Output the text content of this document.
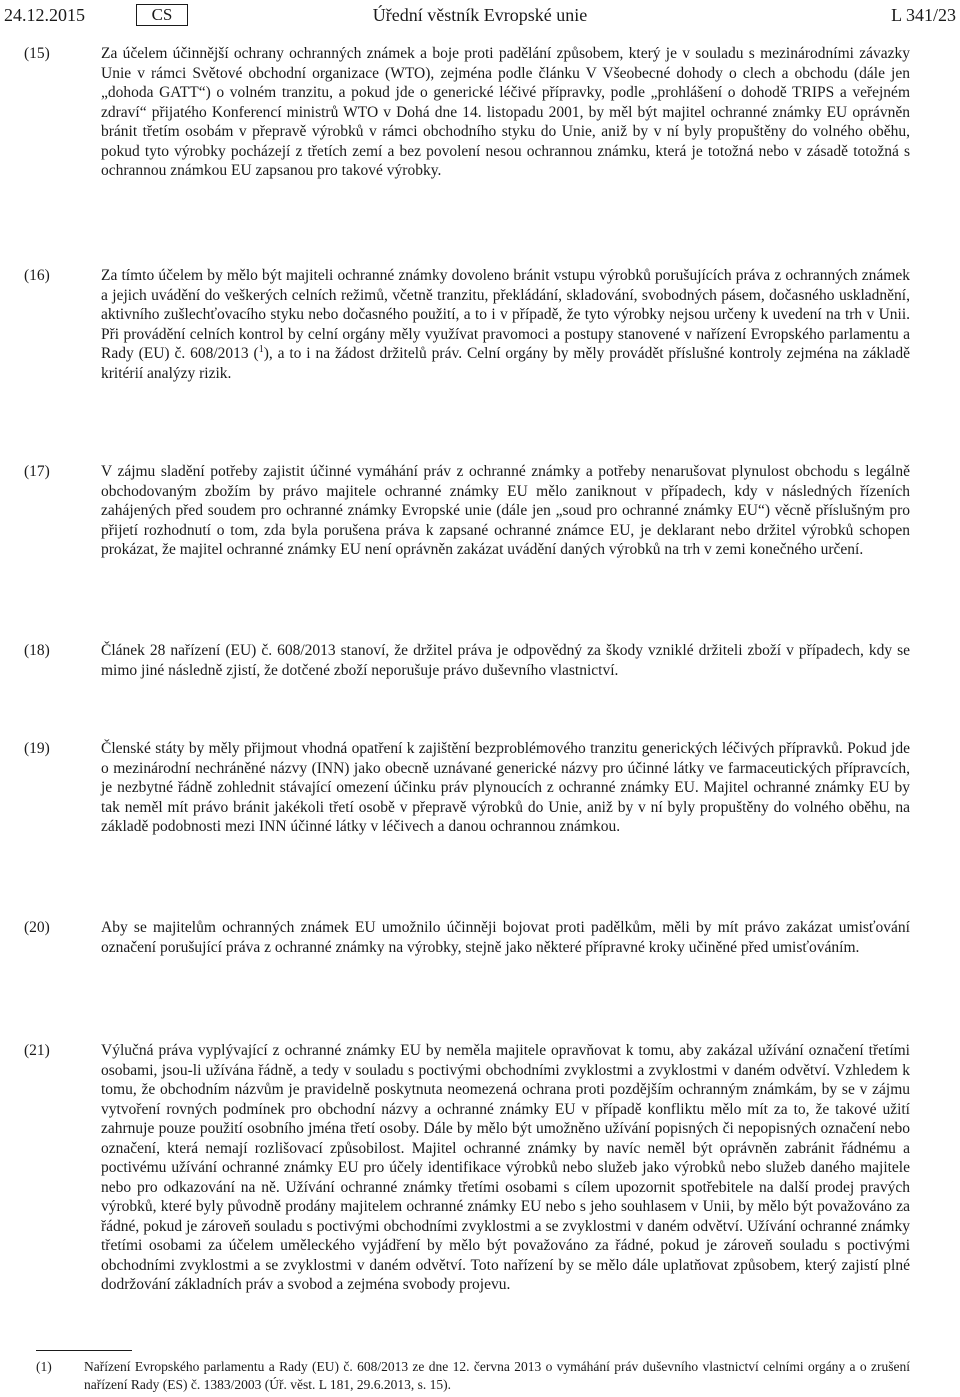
24.12.2015	CS	Úřední věstník Evropské unie	L 341/23
(15)	Za účelem účinnější ochrany ochranných známek a boje proti padělání způsobem, který je v souladu s mezinárodními závazky Unie v rámci Světové obchodní organizace (WTO), zejména podle článku V Všeobecné dohody o clech a obchodu (dále jen „dohoda GATT“) o volném tranzitu, a pokud jde o generické léčivé přípravky, podle „prohlášení o dohodě TRIPS a veřejném zdraví“ přijatého Konferencí ministrů WTO v Dohá dne 14. listopadu 2001, by měl být majitel ochranné známky EU oprávněn bránit třetím osobám v přepravě výrobků v rámci obchodního styku do Unie, aniž by v ní byly propuštěny do volného oběhu, pokud tyto výrobky pocházejí z třetích zemí a bez povolení nesou ochrannou známku, která je totožná nebo v zásadě totožná s ochrannou známkou EU zapsanou pro takové výrobky.
(16)	Za tímto účelem by mělo být majiteli ochranné známky dovoleno bránit vstupu výrobků porušujících práva z ochranných známek a jejich uvádění do veškerých celních režimů, včetně tranzitu, překládání, skladování, svobodných pásem, dočasného uskladnění, aktivního zušlechťovacího styku nebo dočasného použití, a to i v případě, že tyto výrobky nejsou určeny k uvedení na trh v Unii. Při provádění celních kontrol by celní orgány měly využívat pravomoci a postupy stanovené v nařízení Evropského parlamentu a Rady (EU) č. 608/2013 ($^1$), a to i na žádost držitelů práv. Celní orgány by měly provádět příslušné kontroly zejména na základě kritérií analýzy rizik.
(17)	V zájmu sladění potřeby zajistit účinné vymáhání práv z ochranné známky a potřeby nenarušovat plynulost obchodu s legálně obchodovaným zbožím by právo majitele ochranné známky EU mělo zaniknout v případech, kdy v následných řízeních zahájených před soudem pro ochranné známky Evropské unie (dále jen „soud pro ochranné známky EU“) věcně příslušným pro přijetí rozhodnutí o tom, zda byla porušena práva k zapsané ochranné známce EU, je deklarant nebo držitel výrobků schopen prokázat, že majitel ochranné známky EU není oprávněn zakázat uvádění daných výrobků na trh v zemi konečného určení.
(18)	Článek 28 nařízení (EU) č. 608/2013 stanoví, že držitel práva je odpovědný za škody vzniklé držiteli zboží v případech, kdy se mimo jiné následně zjistí, že dotčené zboží neporušuje právo duševního vlastnictví.
(19)	Členské státy by měly přijmout vhodná opatření k zajištění bezproblémového tranzitu generických léčivých přípravků. Pokud jde o mezinárodní nechráněné názvy (INN) jako obecně uznávané generické názvy pro účinné látky ve farmaceutických přípravcích, je nezbytné řádně zohlednit stávající omezení účinku práv plynoucích z ochranné známky EU. Majitel ochranné známky EU by tak neměl mít právo bránit jakékoli třetí osobě v přepravě výrobků do Unie, aniž by v ní byly propuštěny do volného oběhu, na základě podobnosti mezi INN účinné látky v léčivech a danou ochrannou známkou.
(20)	Aby se majitelům ochranných známek EU umožnilo účinněji bojovat proti padělkům, měli by mít právo zakázat umisťování označení porušující práva z ochranné známky na výrobky, stejně jako některé přípravné kroky učiněné před umisťováním.
(21)	Výlučná práva vyplývající z ochranné známky EU by neměla majitele opravňovat k tomu, aby zakázal užívání označení třetími osobami, jsou-li užívána řádně, a tedy v souladu s poctivými obchodními zvyklostmi a zvyklostmi v daném odvětví. Vzhledem k tomu, že obchodním názvům je pravidelně poskytnuta neomezená ochrana proti pozdějším ochranným známkám, by se v zájmu vytvoření rovných podmínek pro obchodní názvy a ochranné známky EU v případě konfliktu mělo mít za to, že takové užití zahrnuje pouze použití osobního jména třetí osoby. Dále by mělo být umožněno užívání popisných či nepopisných označení nebo označení, která nemají rozlišovací způsobilost. Majitel ochranné známky by navíc neměl být oprávněn zabránit řádnému a poctivému užívání ochranné známky EU pro účely identifikace výrobků nebo služeb jako výrobků nebo služeb daného majitele nebo pro odkazování na ně. Užívání ochranné známky třetími osobami s cílem upozornit spotřebitele na další prodej pravých výrobků, které byly původně prodány majitelem ochranné známky EU nebo s jeho souhlasem v Unii, by mělo být považováno za řádné, pokud je zároveň souladu s poctivými obchodními zvyklostmi a se zvyklostmi v daném odvětví. Užívání ochranné známky třetími osobami za účelem uměleckého vyjádření by mělo být považováno za řádné, pokud je zároveň souladu s poctivými obchodními zvyklostmi a se zvyklostmi v daném odvětví. Toto nařízení by se mělo dále uplatňovat způsobem, který zajistí plné dodržování základních práv a svobod a zejména svobody projevu.
(1) Nařízení Evropského parlamentu a Rady (EU) č. 608/2013 ze dne 12. června 2013 o vymáhání práv duševního vlastnictví celními orgány a o zrušení nařízení Rady (ES) č. 1383/2003 (Úř. věst. L 181, 29.6.2013, s. 15).
